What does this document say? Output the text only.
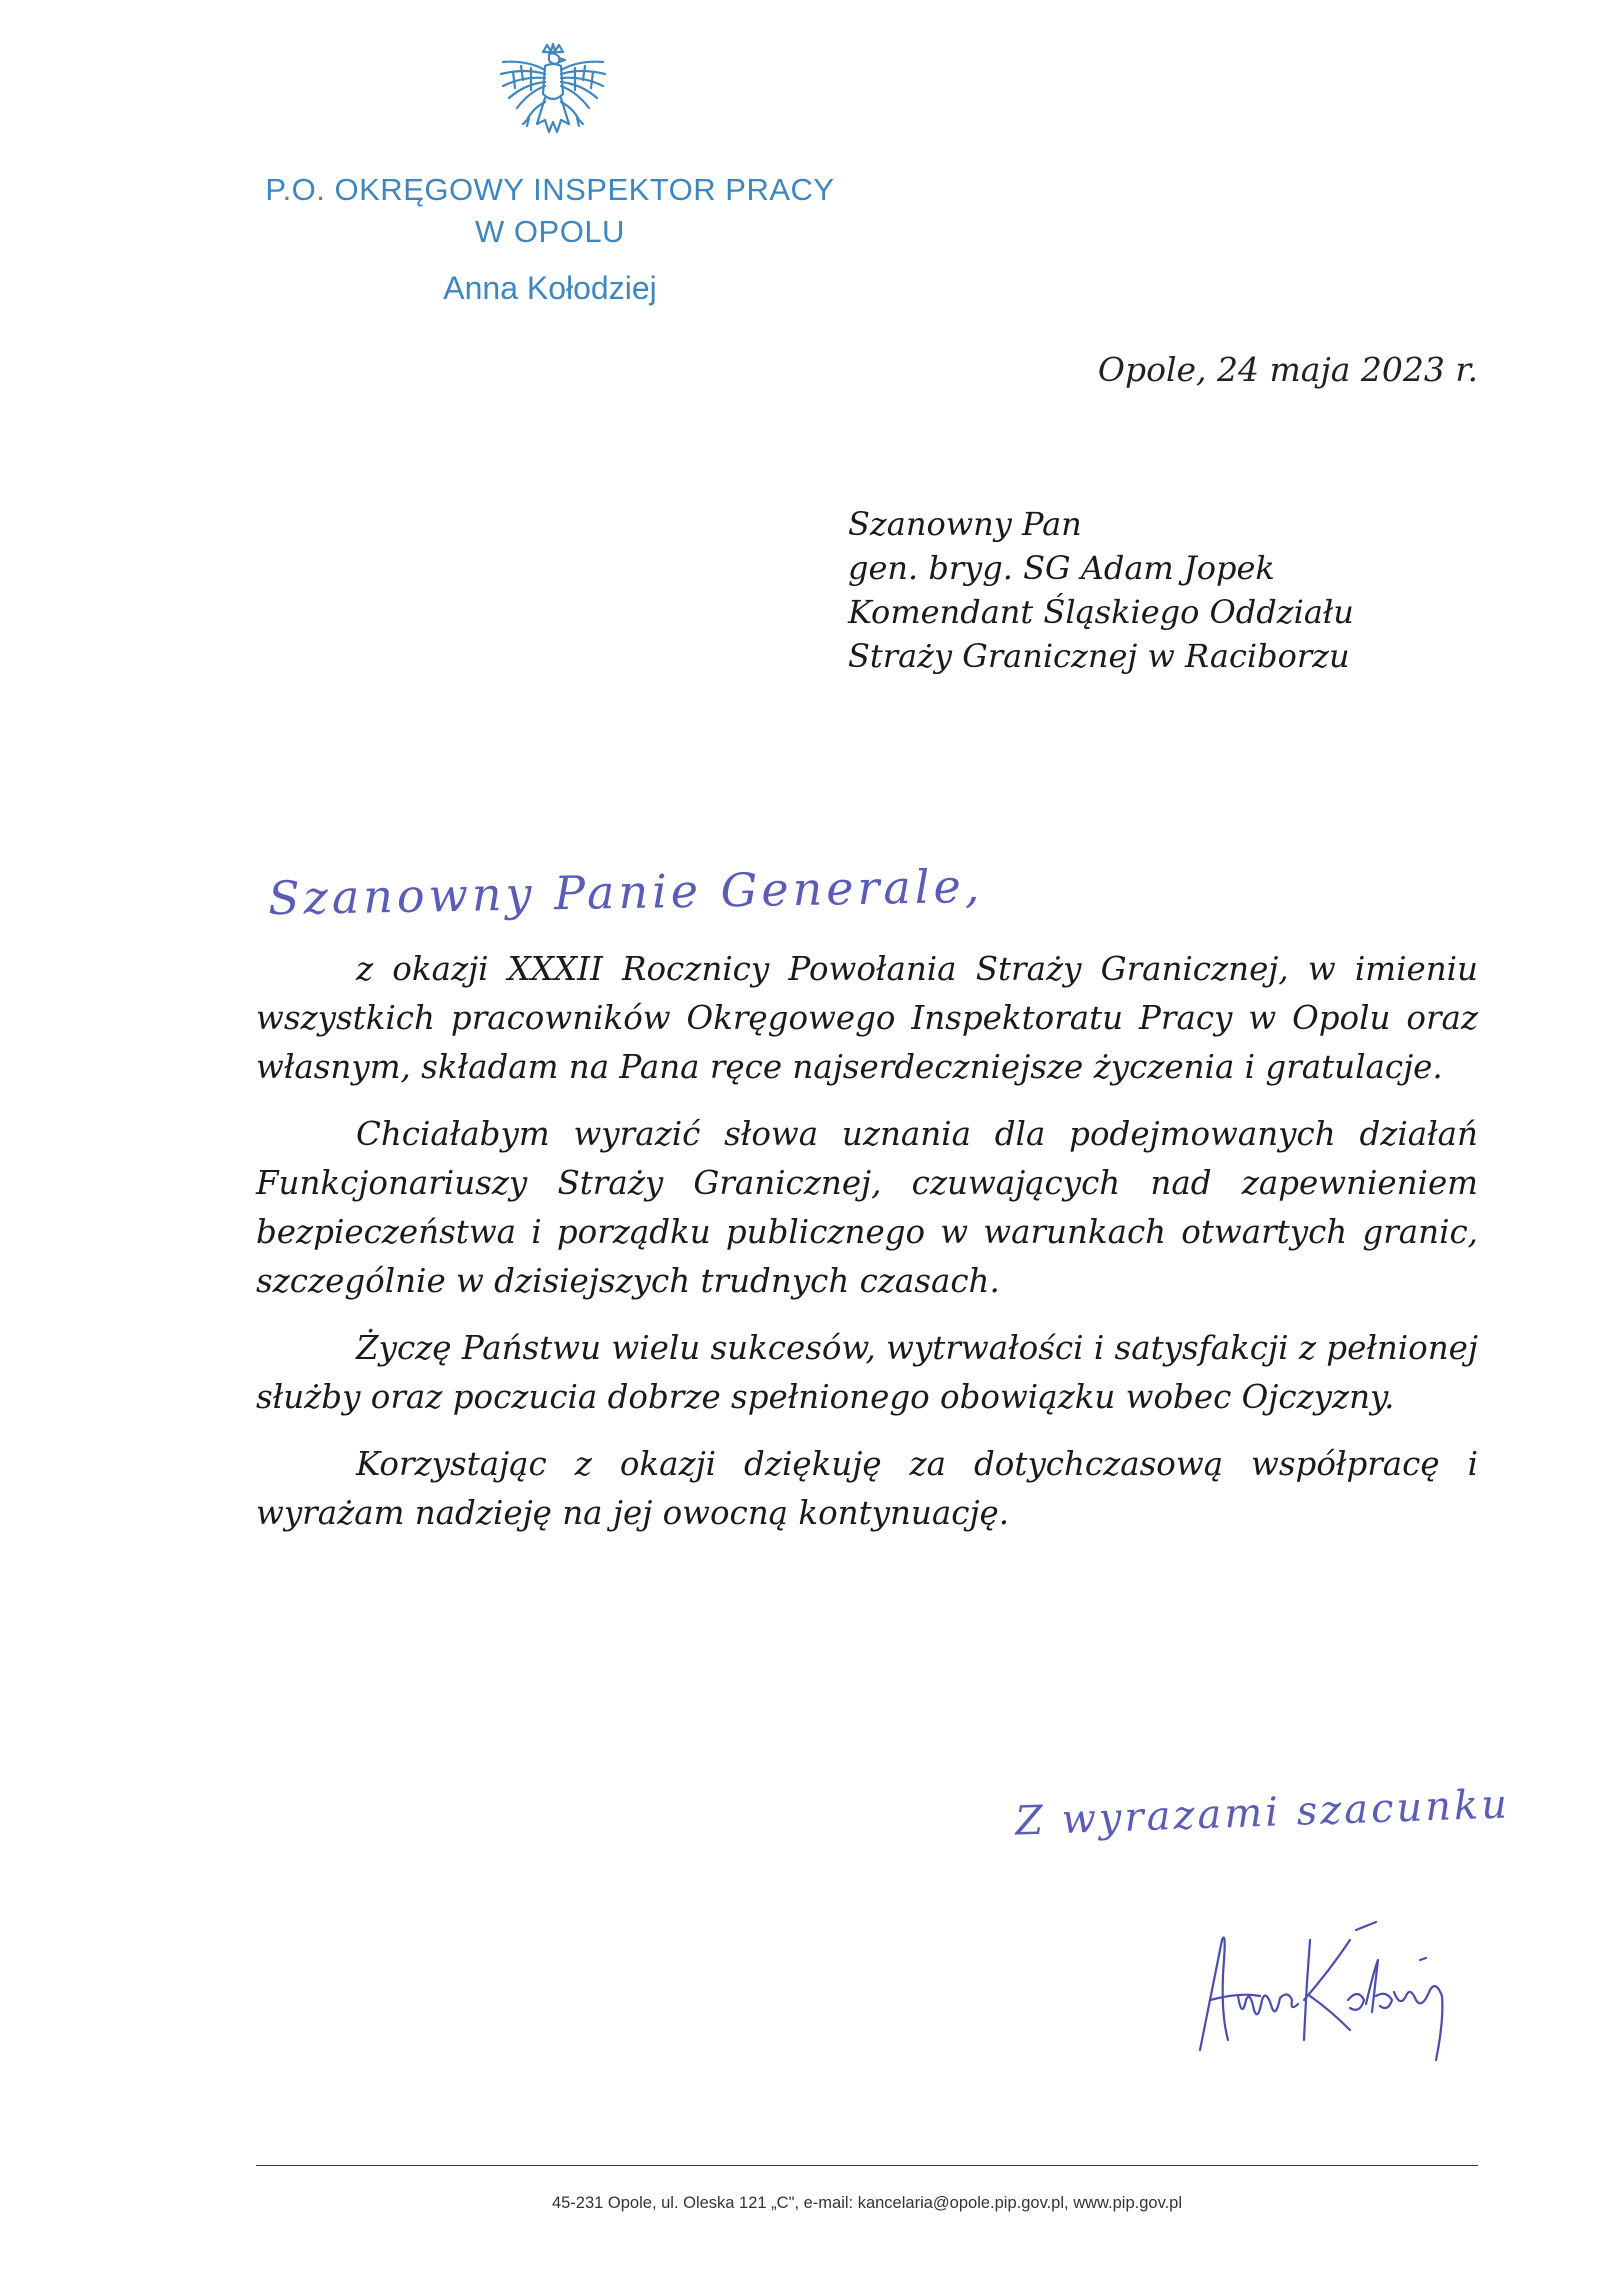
P.O. OKRĘGOWY INSPEKTOR PRACY
W OPOLU
Anna Kołodziej
Opole, 24 maja 2023 r.
Szanowny Pan
gen. bryg. SG Adam Jopek
Komendant Śląskiego Oddziału
Straży Granicznej w Raciborzu
Szanowny Panie Generale,

z okazji XXXII Rocznicy Powołania Straży Granicznej, w imieniu wszystkich pracowników Okręgowego Inspektoratu Pracy w Opolu oraz własnym, składam na Pana ręce najserdeczniejsze życzenia i gratulacje.

Chciałabym wyrazić słowa uznania dla podejmowanych działań Funkcjonariuszy Straży Granicznej, czuwających nad zapewnieniem bezpieczeństwa i porządku publicznego w warunkach otwartych granic, szczególnie w dzisiejszych trudnych czasach.

Życzę Państwu wielu sukcesów, wytrwałości i satysfakcji z pełnionej służby oraz poczucia dobrze spełnionego obowiązku wobec Ojczyzny.

Korzystając z okazji dziękuję za dotychczasową współpracę i wyrażam nadzieję na jej owocną kontynuację.

Z wyrazami szacunku
45-231 Opole, ul. Oleska 121 „C", e-mail: kancelaria@opole.pip.gov.pl, www.pip.gov.pl
